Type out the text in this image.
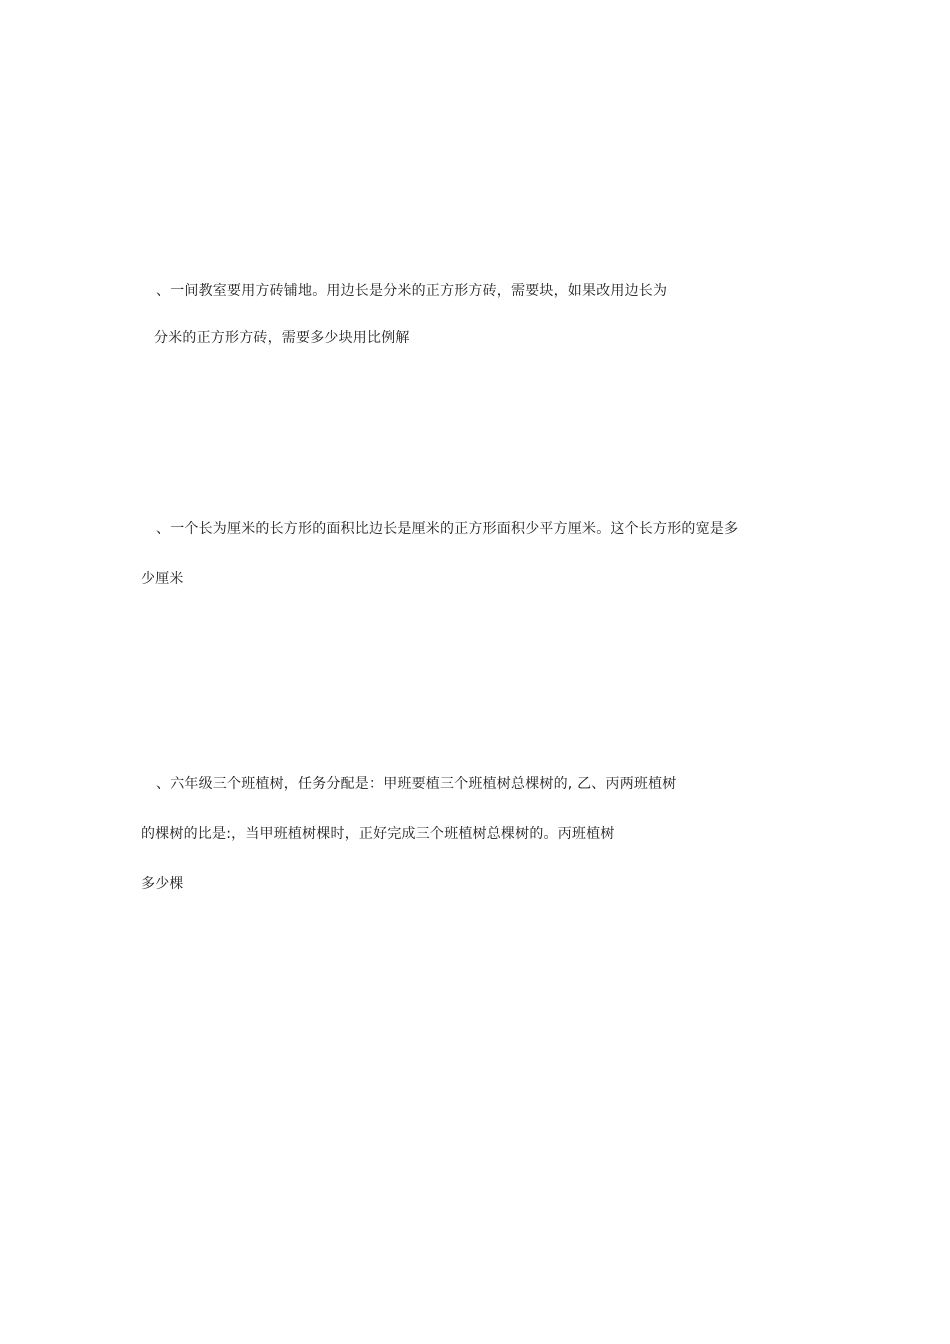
、一间教室要用方砖铺地。用边长是分米的正方形方砖，需要块，如果改用边长为
分米的正方形方砖，需要多少块用比例解
、一个长为厘米的长方形的面积比边长是厘米的正方形面积少平方厘米。这个长方形的宽是多
少厘米
、六年级三个班植树，任务分配是：甲班要植三个班植树总棵树的, 乙、丙两班植树
的棵树的比是:，当甲班植树棵时，正好完成三个班植树总棵树的。丙班植树
多少棵
